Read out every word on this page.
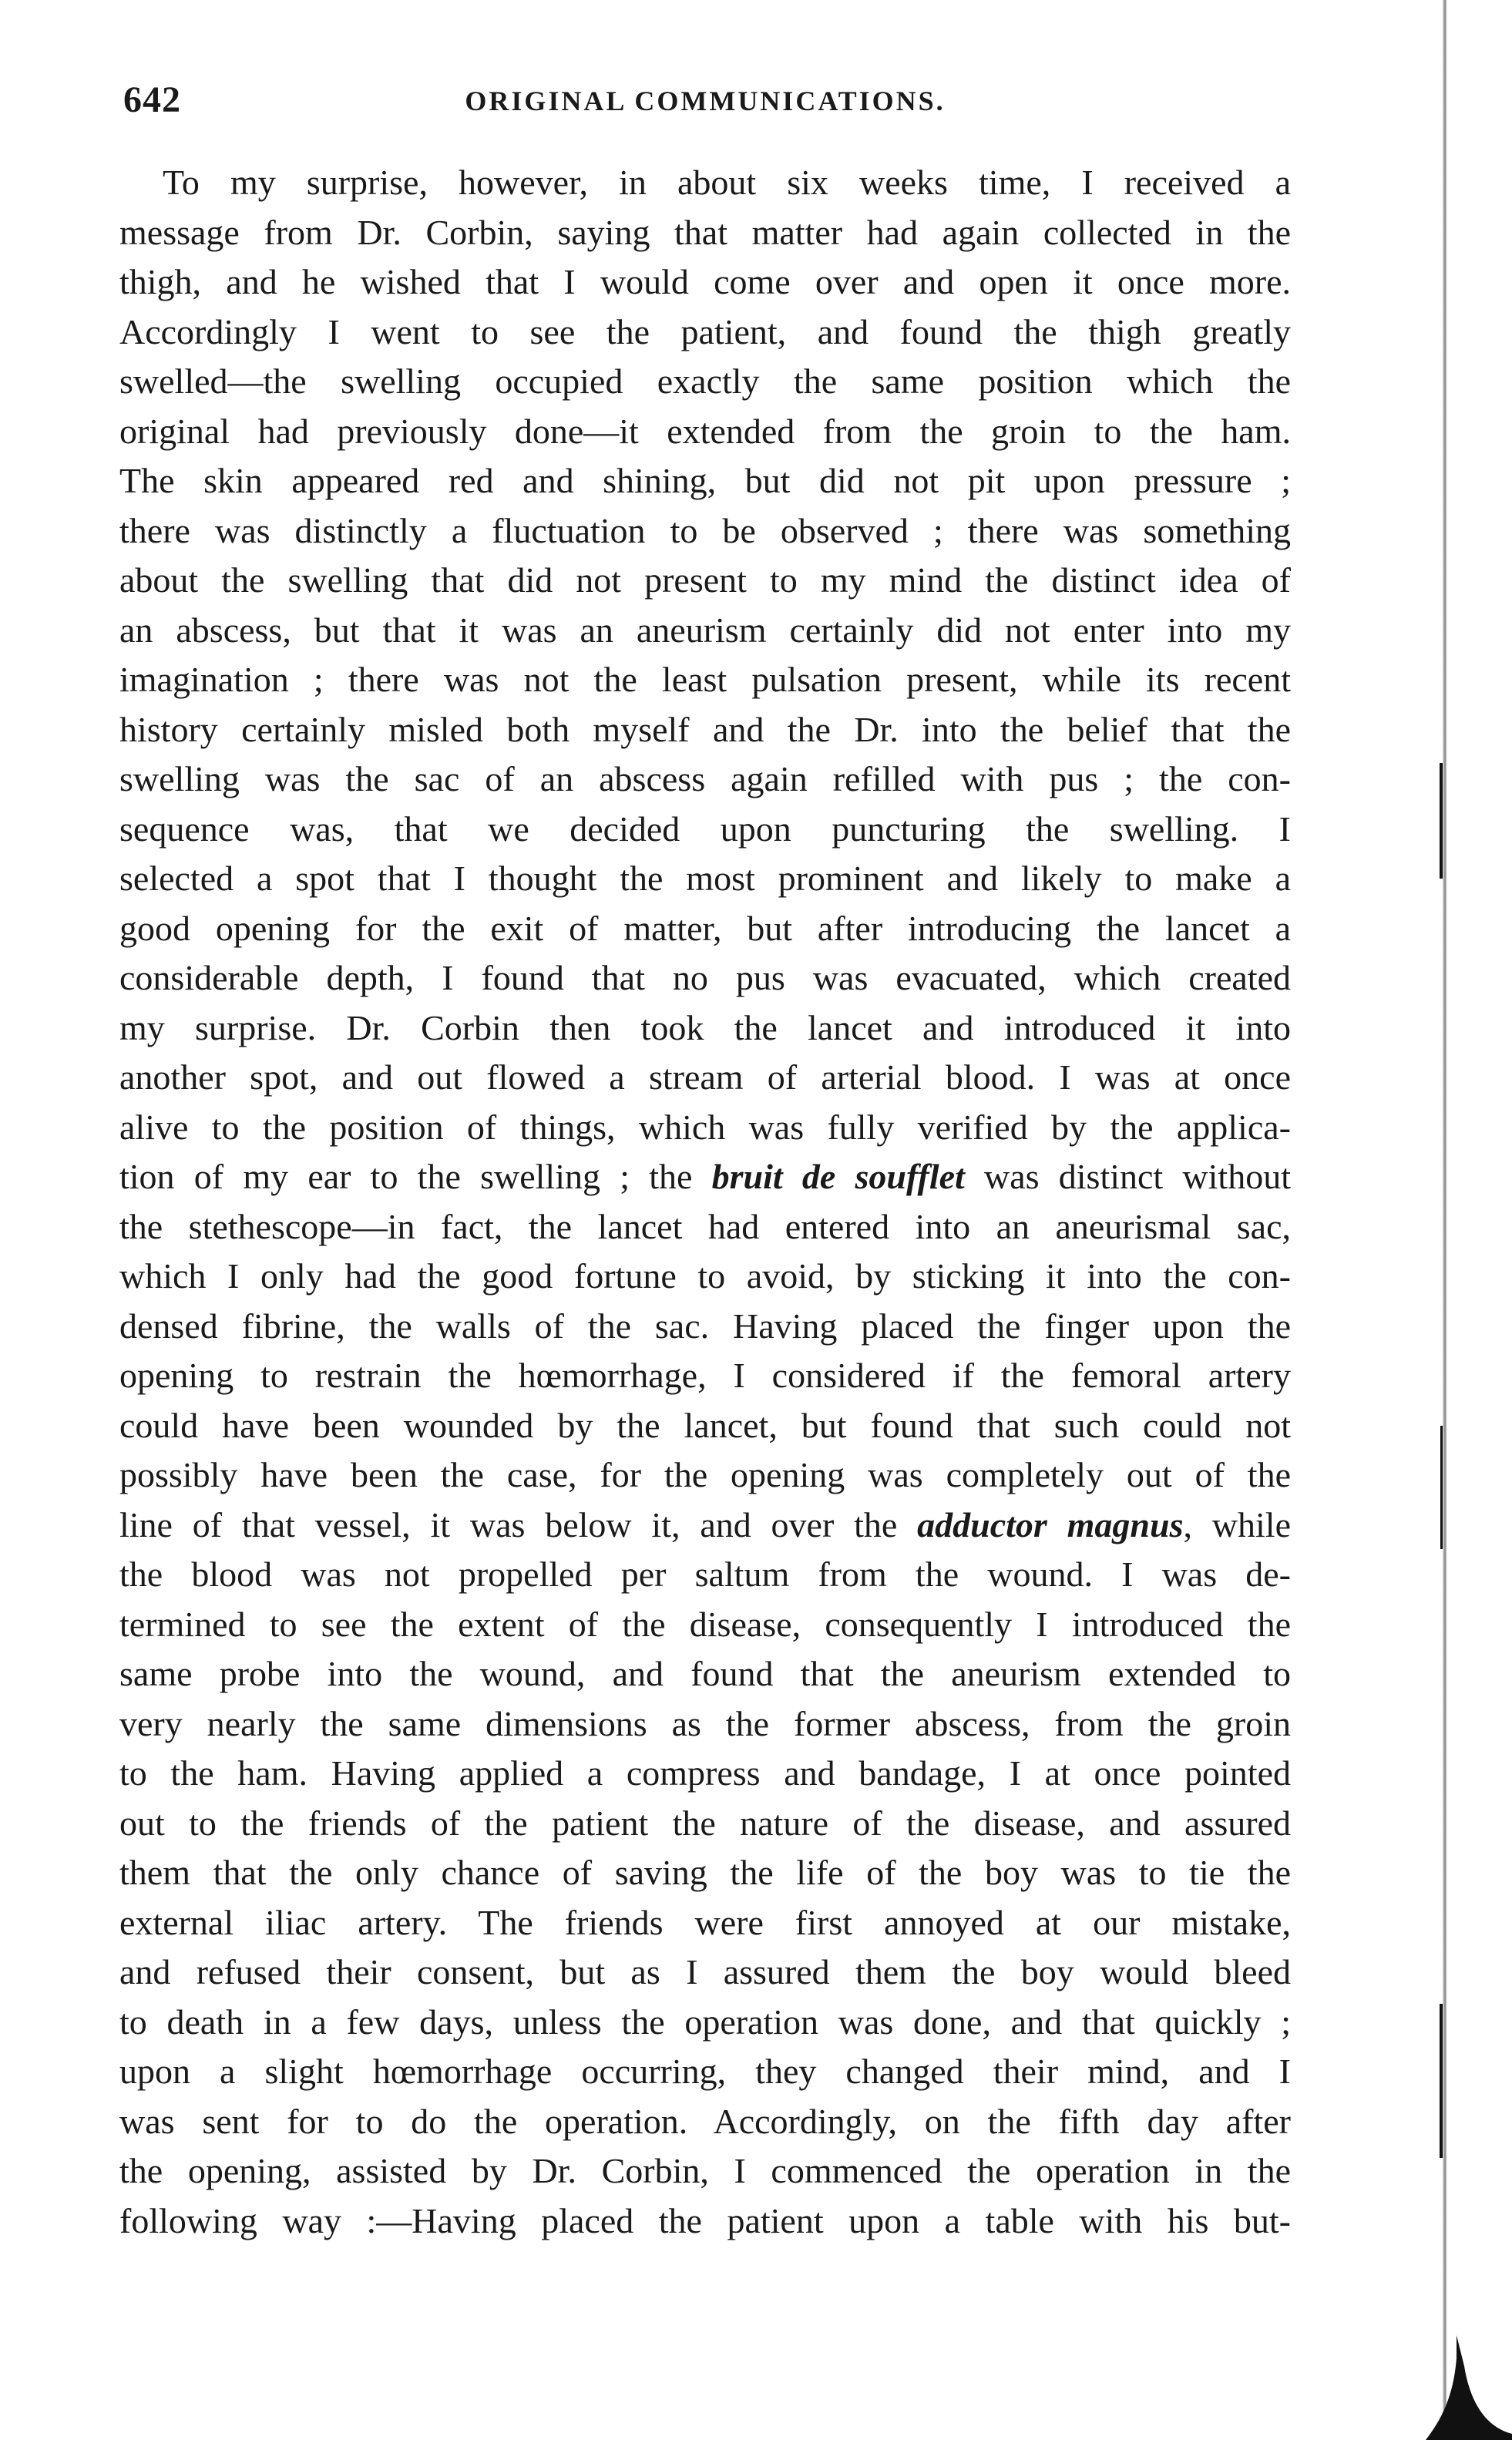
642	ORIGINAL COMMUNICATIONS.
To my surprise, however, in about six weeks time, I received a
message from Dr. Corbin, saying that matter had again collected in the
thigh, and he wished that I would come over and open it once more.
Accordingly I went to see the patient, and found the thigh greatly
swelled—the swelling occupied exactly the same position which the
original had previously done—it extended from the groin to the ham.
The skin appeared red and shining, but did not pit upon pressure ;
there was distinctly a fluctuation to be observed ; there was something
about the swelling that did not present to my mind the distinct idea of
an abscess, but that it was an aneurism certainly did not enter into my
imagination ; there was not the least pulsation present, while its recent
history certainly misled both myself and the Dr. into the belief that the
swelling was the sac of an abscess again refilled with pus ; the con-
sequence was, that we decided upon puncturing the swelling. I
selected a spot that I thought the most prominent and likely to make a
good opening for the exit of matter, but after introducing the lancet a
considerable depth, I found that no pus was evacuated, which created
my surprise. Dr. Corbin then took the lancet and introduced it into
another spot, and out flowed a stream of arterial blood. I was at once
alive to the position of things, which was fully verified by the applica-
tion of my ear to the swelling ; the bruit de soufflet was distinct without
the stethescope—in fact, the lancet had entered into an aneurismal sac,
which I only had the good fortune to avoid, by sticking it into the con-
densed fibrine, the walls of the sac. Having placed the finger upon the
opening to restrain the hœmorrhage, I considered if the femoral artery
could have been wounded by the lancet, but found that such could not
possibly have been the case, for the opening was completely out of the
line of that vessel, it was below it, and over the adductor magnus, while
the blood was not propelled per saltum from the wound. I was de-
termined to see the extent of the disease, consequently I introduced the
same probe into the wound, and found that the aneurism extended to
very nearly the same dimensions as the former abscess, from the groin
to the ham. Having applied a compress and bandage, I at once pointed
out to the friends of the patient the nature of the disease, and assured
them that the only chance of saving the life of the boy was to tie the
external iliac artery. The friends were first annoyed at our mistake,
and refused their consent, but as I assured them the boy would bleed
to death in a few days, unless the operation was done, and that quickly ;
upon a slight hœmorrhage occurring, they changed their mind, and I
was sent for to do the operation. Accordingly, on the fifth day after
the opening, assisted by Dr. Corbin, I commenced the operation in the
following way :—Having placed the patient upon a table with his but-
